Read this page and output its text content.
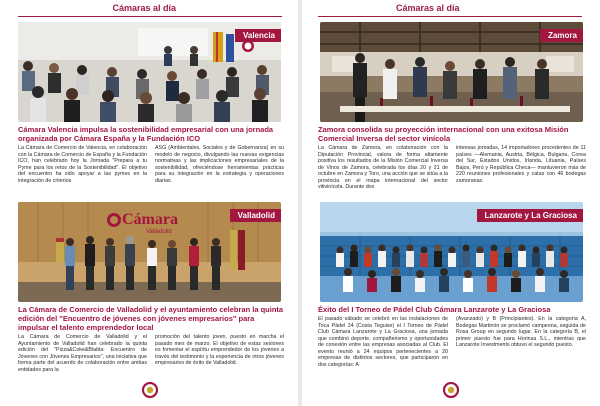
Cámaras al día
Valencia
Cámara Valencia impulsa la sostenibilidad empresarial con una jornada organizada por Cámara España y la Fundación ICO
La Cámara de Comercio de Valencia, en colaboración con la Cámara de Comercio de España y la Fundación ICO, han celebrado hoy la Jornada "Prepara a tu Pyme para los retos de la Sostenibilidad". El objetivo del encuentro ha sido apoyar a las pymes en la integración de criterios
ASG (Ambientales, Sociales y de Gobernanza) en su modelo de negocio, divulgando las nuevas exigencias normativas y las implicaciones empresariales de la sostenibilidad, ofreciéndose herramientas prácticas para su integración en la estrategia y operaciones diarias.
Cámara
Valladolid
Valladolid
La Cámara de Comercio de Valladolid y el ayuntamiento celebran la quinta edición del "Encuentro de jóvenes con jóvenes empresarios" para impulsar el talento emprendedor local
La Cámara de Comercio de Valladolid y el Ayuntamiento de Valladolid han celebrado la quinta edición del "Pizza&Coke&Blabla: Encuentro de Jóvenes con Jóvenes Empresarios", una iniciativa que forma parte del acuerdo de colaboración entre ambas entidades para la
promoción del talento joven, puesto en marcha el pasado mes de marzo. El objetivo de estas sesiones es fomentar el espíritu emprendedor de los jóvenes a través del testimonio y la experiencia de otros jóvenes empresarios de éxito de Valladolid.
Cámaras al día
Zamora
Zamora consolida su proyección internacional con una exitosa Misión Comercial Inversa del sector vinícola
La Cámara de Zamora, en colaboración con la Diputación Provincial, valora de forma altamente positiva los resultados de la Misión Comercial Inversa de Vinos de Zamora, celebrada los días 20 y 21 de octubre en Zamora y Toro, una acción que se sitúa a la provincia en el mapa internacional del sector vitivinícola. Durante dos
intensas jornadas, 14 importadores procedentes de 11 países —Alemania, Austria, Bélgica, Bulgaria, Corea del Sur, Estados Unidos, Irlanda, Lituania, Países Bajos, Perú y República Checa— mantuvieron más de 220 reuniones profesionales y catas con 46 bodegas zamoranas.
Lanzarote y La Graciosa
Éxito del I Torneo de Pádel Club Cámara Lanzarote y La Graciosa
El pasado sábado se celebró en las instalaciones de Toca Pádel 24 (Costa Teguise) el I Torneo de Pádel Club Cámara Lanzarote y La Graciosa, una jornada que combinó deporte, compañerismo y oportunidades de conexión entre las empresas asociadas al Club. El evento reunió a 24 equipos pertenecientes a 20 empresas de distintos sectores, que participaron en dos categorías: A
(Avanzado) y B (Principiantes). En la categoría A, Bodegas Martinón se proclamó campeona, seguida de Rosa Group en segundo lugar. En la categoría B, el primer puesto fue para Horinsa S.L., mientras que Lanzarote Investments obtuvo el segundo puesto.
